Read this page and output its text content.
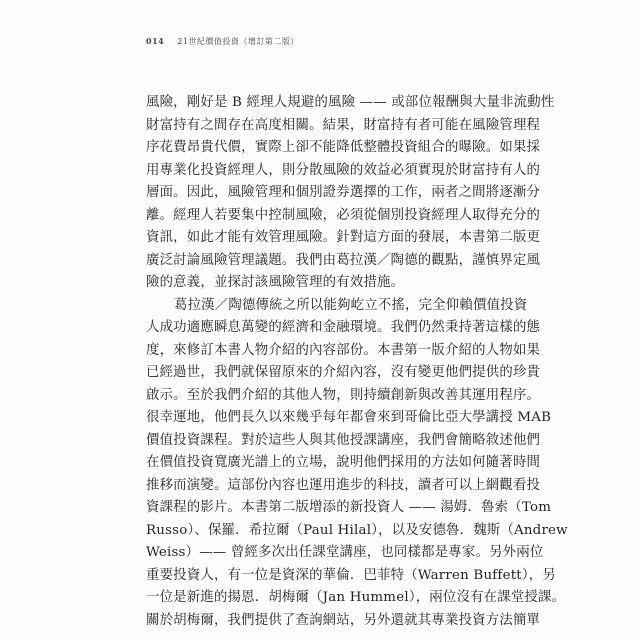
014 21世紀價值投資（增訂第二版）
風險，剛好是 B 經理人規避的風險 —— 或部位報酬與大量非流動性
財富持有之間存在高度相關。結果，財富持有者可能在風險管理程
序花費昂貴代價，實際上卻不能降低整體投資組合的曝險。如果採
用專業化投資經理人，則分散風險的效益必須實現於財富持有人的
層面。因此，風險管理和個別證券選擇的工作，兩者之間將逐漸分
離。經理人若要集中控制風險，必須從個別投資經理人取得充分的
資訊，如此才能有效管理風險。針對這方面的發展，本書第二版更
廣泛討論風險管理議題。我們由葛拉漢／陶德的觀點，謹慎界定風
險的意義，並探討該風險管理的有效措施。
葛拉漢／陶德傳統之所以能夠屹立不搖，完全仰賴價值投資
人成功適應瞬息萬變的經濟和金融環境。我們仍然秉持著這樣的態
度，來修訂本書人物介紹的內容部份。本書第一版介紹的人物如果
已經過世，我們就保留原來的介紹內容，沒有變更他們提供的珍貴
啟示。至於我們介紹的其他人物，則持續創新與改善其運用程序。
很幸運地，他們長久以來幾乎每年都會來到哥倫比亞大學講授 MAB
價值投資課程。對於這些人與其他授課講座，我們會簡略敘述他們
在價值投資寬廣光譜上的立場，說明他們採用的方法如何隨著時間
推移而演變。這部份內容也運用進步的科技，讀者可以上網觀看投
資課程的影片。本書第二版增添的新投資人 —— 湯姆．魯索（Tom
Russo）、保羅．希拉爾（Paul Hilal），以及安德魯．魏斯（Andrew
Weiss）—— 曾經多次出任課堂講座，也同樣都是專家。另外兩位
重要投資人，有一位是資深的華倫．巴菲特（Warren Buffett），另
一位是新進的揚恩．胡梅爾（Jan Hummel），兩位沒有在課堂授課。
關於胡梅爾，我們提供了查詢網站，另外還就其專業投資方法簡單
